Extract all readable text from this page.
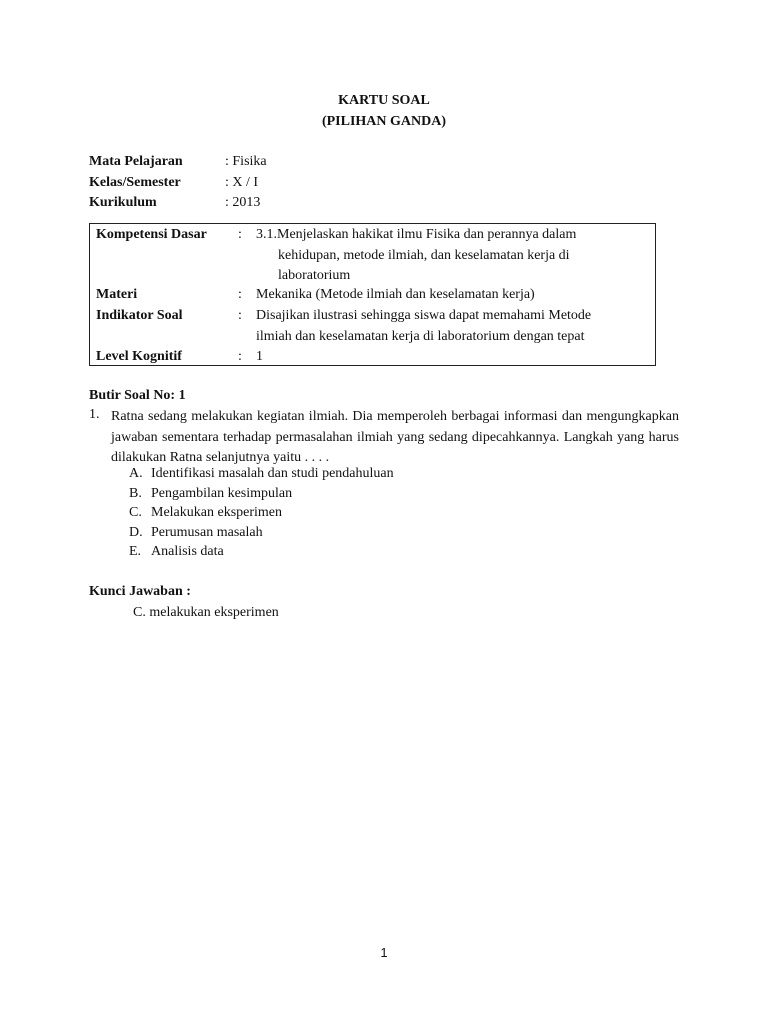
KARTU SOAL
(PILIHAN GANDA)
Mata Pelajaran	: Fisika
Kelas/Semester	: X / I
Kurikulum	: 2013
Kompetensi Dasar	:	3.1.Menjelaskan hakikat ilmu Fisika dan perannya dalam
kehidupan, metode ilmiah, dan keselamatan kerja di
laboratorium
Materi	:	Mekanika (Metode ilmiah dan keselamatan kerja)
Indikator Soal	:	Disajikan ilustrasi sehingga siswa dapat memahami Metode
ilmiah dan keselamatan kerja di laboratorium dengan tepat
Level Kognitif	:	1
Butir Soal No: 1
1. Ratna sedang melakukan kegiatan ilmiah. Dia memperoleh berbagai informasi dan mengungkapkan jawaban sementara terhadap permasalahan ilmiah yang sedang dipecahkannya. Langkah yang harus dilakukan Ratna selanjutnya yaitu . . . .
A. Identifikasi masalah dan studi pendahuluan
B. Pengambilan kesimpulan
C. Melakukan eksperimen
D. Perumusan masalah
E. Analisis data
Kunci Jawaban :
C. melakukan eksperimen
1
